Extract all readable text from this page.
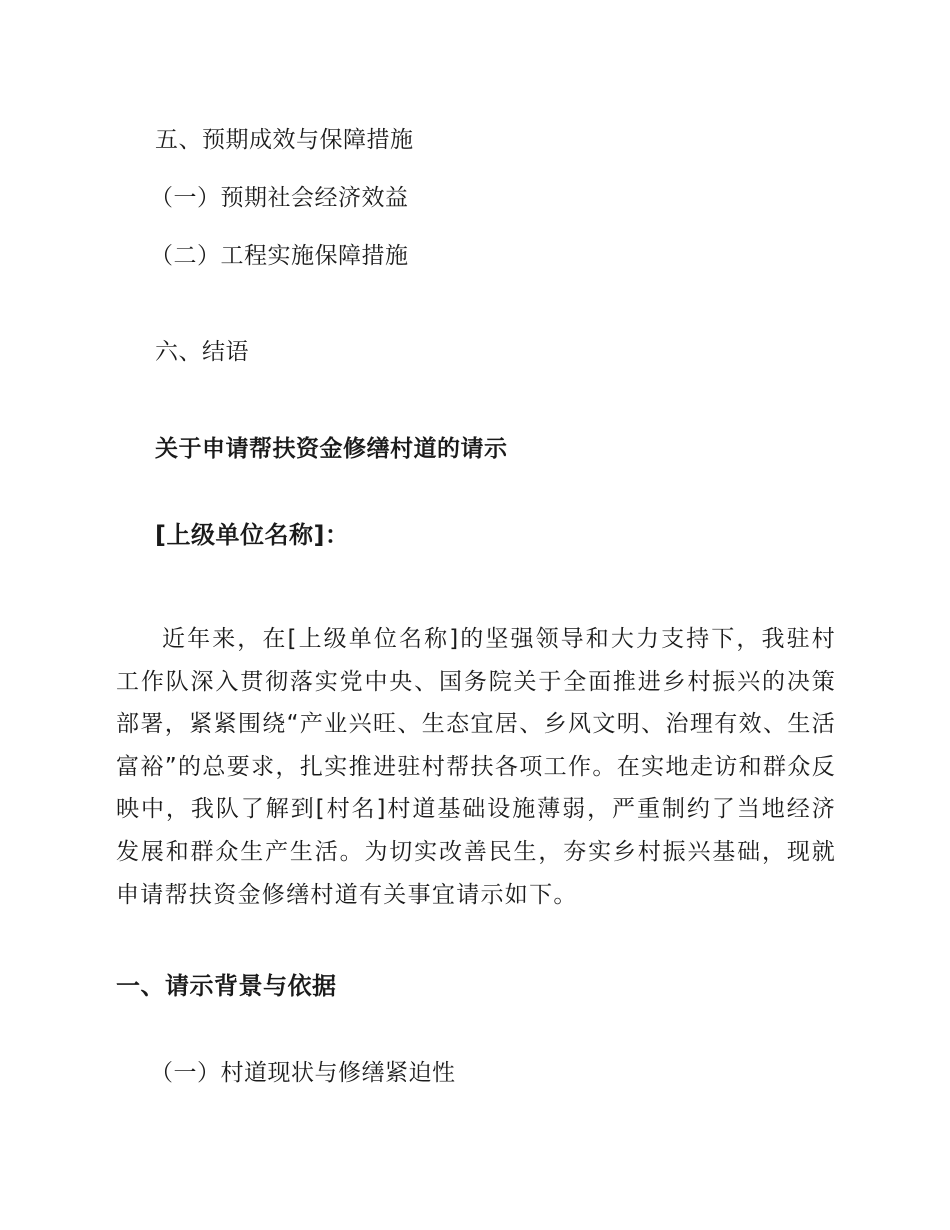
五、预期成效与保障措施
（一）预期社会经济效益
（二）工程实施保障措施
六、结语
关于申请帮扶资金修缮村道的请示
[上级单位名称]：

近年来，在[上级单位名称]的坚强领导和大力支持下，我驻村工作队深入贯彻落实党中央、国务院关于全面推进乡村振兴的决策部署，紧紧围绕“产业兴旺、生态宜居、乡风文明、治理有效、生活富裕”的总要求，扎实推进驻村帮扶各项工作。在实地走访和群众反映中，我队了解到[村名]村道基础设施薄弱，严重制约了当地经济发展和群众生产生活。为切实改善民生，夯实乡村振兴基础，现就申请帮扶资金修缮村道有关事宜请示如下。

一、请示背景与依据
（一）村道现状与修缮紧迫性
